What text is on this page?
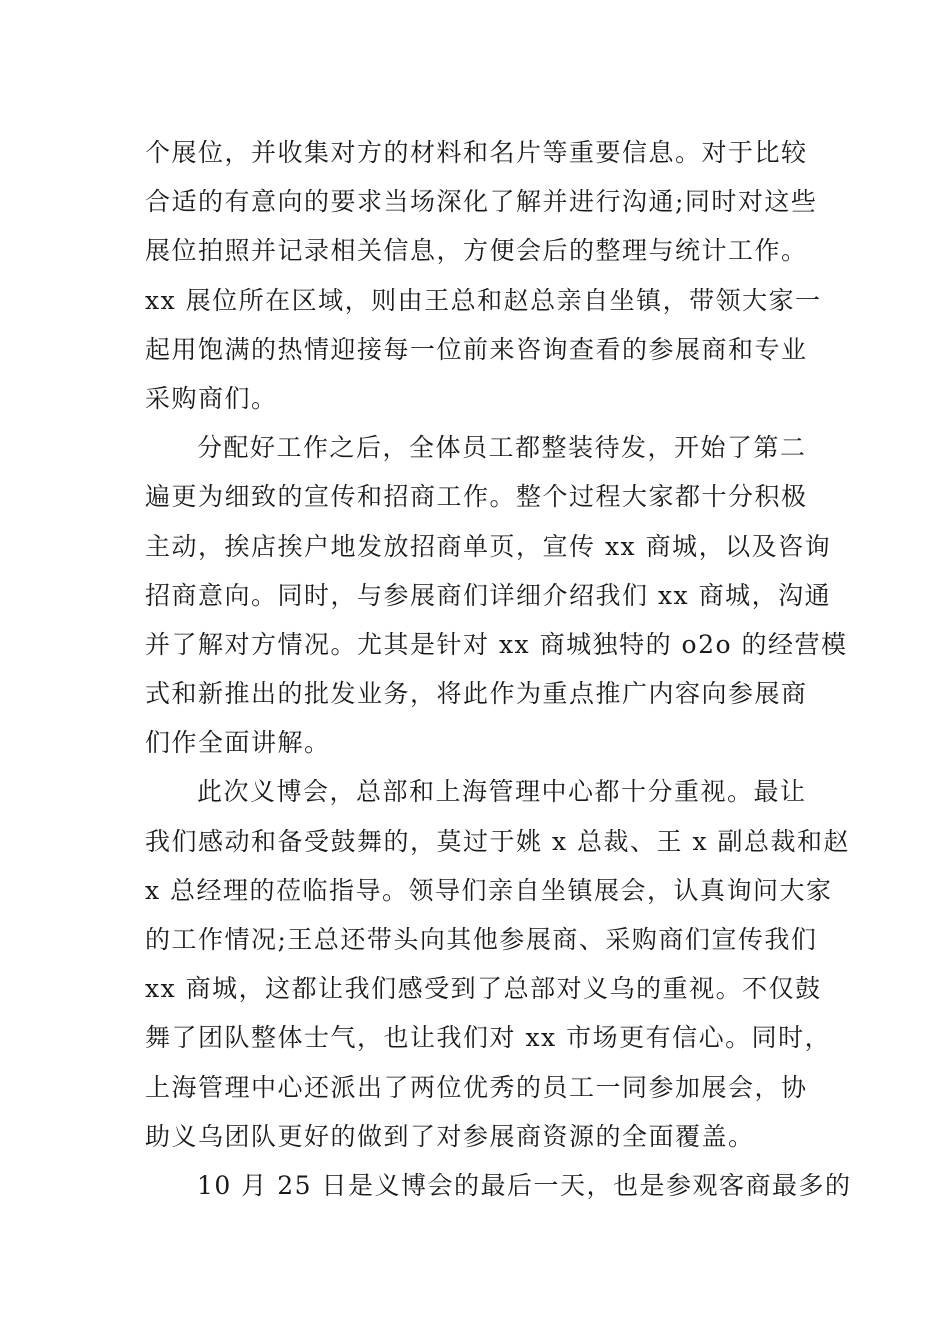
个展位，并收集对方的材料和名片等重要信息。对于比较
合适的有意向的要求当场深化了解并进行沟通;同时对这些
展位拍照并记录相关信息，方便会后的整理与统计工作。
xx 展位所在区域，则由王总和赵总亲自坐镇，带领大家一
起用饱满的热情迎接每一位前来咨询查看的参展商和专业
采购商们。
分配好工作之后，全体员工都整装待发，开始了第二
遍更为细致的宣传和招商工作。整个过程大家都十分积极
主动，挨店挨户地发放招商单页，宣传 xx 商城，以及咨询
招商意向。同时，与参展商们详细介绍我们 xx 商城，沟通
并了解对方情况。尤其是针对 xx 商城独特的 o2o 的经营模
式和新推出的批发业务，将此作为重点推广内容向参展商
们作全面讲解。
此次义博会，总部和上海管理中心都十分重视。最让
我们感动和备受鼓舞的，莫过于姚 x 总裁、王 x 副总裁和赵
x 总经理的莅临指导。领导们亲自坐镇展会，认真询问大家
的工作情况;王总还带头向其他参展商、采购商们宣传我们
xx 商城，这都让我们感受到了总部对义乌的重视。不仅鼓
舞了团队整体士气，也让我们对 xx 市场更有信心。同时，
上海管理中心还派出了两位优秀的员工一同参加展会，协
助义乌团队更好的做到了对参展商资源的全面覆盖。
10 月 25 日是义博会的最后一天，也是参观客商最多的
